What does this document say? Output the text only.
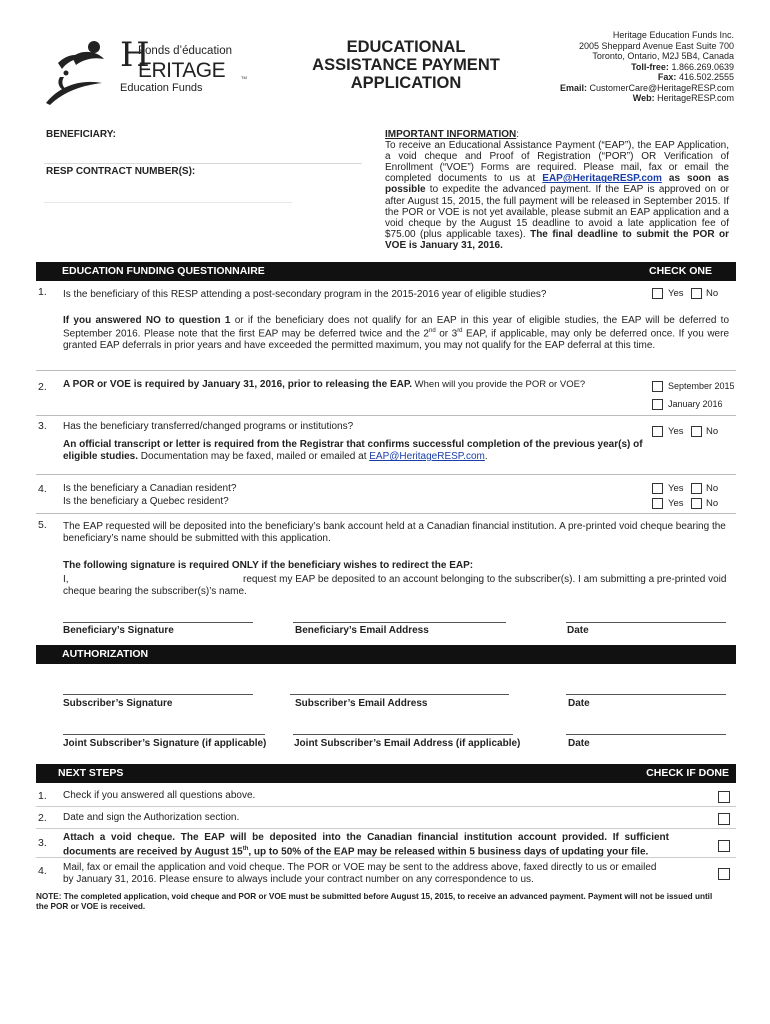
H
Fonds d’éducation
ERITAGE	TM
Education Funds
EDUCATIONAL
ASSISTANCE PAYMENT
APPLICATION
Heritage Education Funds Inc.
2005 Sheppard Avenue East Suite 700
Toronto, Ontario, M2J 5B4, Canada
Toll-free: 1.866.269.0639
Fax: 416.502.2555
Email: CustomerCare@HeritageRESP.com
Web: HeritageRESP.com
BENEFICIARY:
RESP CONTRACT NUMBER(S):
IMPORTANT INFORMATION:
To receive an Educational Assistance Payment (“EAP”), the EAP Application, a void cheque and Proof of Registration (“POR”) OR Verification of Enrollment (“VOE”) Forms are required. Please mail, fax or email the completed documents to us at EAP@HeritageRESP.com as soon as possible to expedite the advanced payment. If the EAP is approved on or after August 15, 2015, the full payment will be released in September 2015. If the POR or VOE is not yet available, please submit an EAP application and a void cheque by the August 15 deadline to avoid a late application fee of $75.00 (plus applicable taxes). The final deadline to submit the POR or VOE is January 31, 2016.
EDUCATION FUNDING QUESTIONNAIRE	CHECK ONE
1. Is the beneficiary of this RESP attending a post-secondary program in the 2015-2016 year of eligible studies?	Yes No
If you answered NO to question 1 or if the beneficiary does not qualify for an EAP in this year of eligible studies, the EAP will be deferred to September 2016. Please note that the first EAP may be deferred twice and the 2nd or 3rd EAP, if applicable, may only be deferred once. If you were granted EAP deferrals in prior years and have exceeded the permitted maximum, you may not qualify for the EAP deferral at this time.
2. A POR or VOE is required by January 31, 2016, prior to releasing the EAP. When will you provide the POR or VOE?	September 2015
January 2016
3. Has the beneficiary transferred/changed programs or institutions?	Yes No
An official transcript or letter is required from the Registrar that confirms successful completion of the previous year(s) of eligible studies. Documentation may be faxed, mailed or emailed at EAP@HeritageRESP.com.
4. Is the beneficiary a Canadian resident?
Is the beneficiary a Quebec resident?
Yes No
Yes No
5. The EAP requested will be deposited into the beneficiary’s bank account held at a Canadian financial institution. A pre-printed void cheque bearing the beneficiary’s name should be submitted with this application.
The following signature is required ONLY if the beneficiary wishes to redirect the EAP:
I,	request my EAP be deposited to an account belonging to the subscriber(s). I am submitting a pre-printed void cheque bearing the subscriber(s)’s name.
Beneficiary’s Signature	Beneficiary’s Email Address	Date
AUTHORIZATION
Subscriber’s Signature	Subscriber’s Email Address	Date
Joint Subscriber’s Signature (if applicable)	Joint Subscriber’s Email Address (if applicable)	Date
NEXT STEPS	CHECK IF DONE
1. Check if you answered all questions above.
2. Date and sign the Authorization section.
3. Attach a void cheque. The EAP will be deposited into the Canadian financial institution account provided. If sufficient documents are received by August 15th, up to 50% of the EAP may be released within 5 business days of updating your file.
4. Mail, fax or email the application and void cheque. The POR or VOE may be sent to the address above, faxed directly to us or emailed by January 31, 2016. Please ensure to always include your contract number on any correspondence to us.
NOTE: The completed application, void cheque and POR or VOE must be submitted before August 15, 2015, to receive an advanced payment. Payment will not be issued until the POR or VOE is received.
